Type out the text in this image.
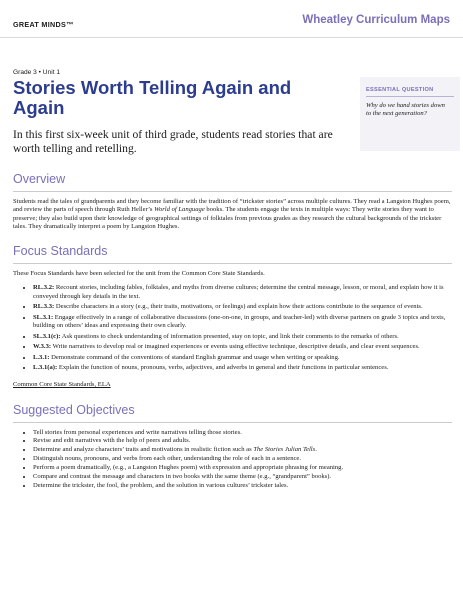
GREAT MINDS™	Wheatley Curriculum Maps
Grade 3 • Unit 1
Stories Worth Telling Again and Again
In this first six-week unit of third grade, students read stories that are worth telling and retelling.
ESSENTIAL QUESTION
Why do we hand stories down to the next generation?
Overview

Students read the tales of grandparents and they become familiar with the tradition of “trickster stories” across multiple cultures. They read a Langston Hughes poem, and review the parts of speech through Ruth Heller’s World of Language books. The students engage the texts in multiple ways: They write stories they want to preserve; they also build upon their knowledge of geographical settings of folktales from previous grades as they research the cultural backgrounds of the trickster tales. They dramatically interpret a poem by Langston Hughes.

Focus Standards

These Focus Standards have been selected for the unit from the Common Core State Standards.

• RL.3.2: Recount stories, including fables, folktales, and myths from diverse cultures; determine the central message, lesson, or moral, and explain how it is conveyed through key details in the text.
• RL.3.3: Describe characters in a story (e.g., their traits, motivations, or feelings) and explain how their actions contribute to the sequence of events.
• SL.3.1: Engage effectively in a range of collaborative discussions (one-on-one, in groups, and teacher-led) with diverse partners on grade 3 topics and texts, building on others’ ideas and expressing their own clearly.
• SL.3.1(c): Ask questions to check understanding of information presented, stay on topic, and link their comments to the remarks of others.
• W.3.3: Write narratives to develop real or imagined experiences or events using effective technique, descriptive details, and clear event sequences.
• L.3.1: Demonstrate command of the conventions of standard English grammar and usage when writing or speaking.
• L.3.1(a): Explain the function of nouns, pronouns, verbs, adjectives, and adverbs in general and their functions in particular sentences.

Common Core State Standards, ELA

Suggested Objectives
• Tell stories from personal experiences and write narratives telling those stories.
• Revise and edit narratives with the help of peers and adults.
• Determine and analyze characters’ traits and motivations in realistic fiction such as The Stories Julian Tells.
• Distinguish nouns, pronouns, and verbs from each other, understanding the role of each in a sentence.
• Perform a poem dramatically, (e.g., a Langston Hughes poem) with expression and appropriate phrasing for meaning.
• Compare and contrast the message and characters in two books with the same theme (e.g., “grandparent” books).
• Determine the trickster, the fool, the problem, and the solution in various cultures’ trickster tales.
